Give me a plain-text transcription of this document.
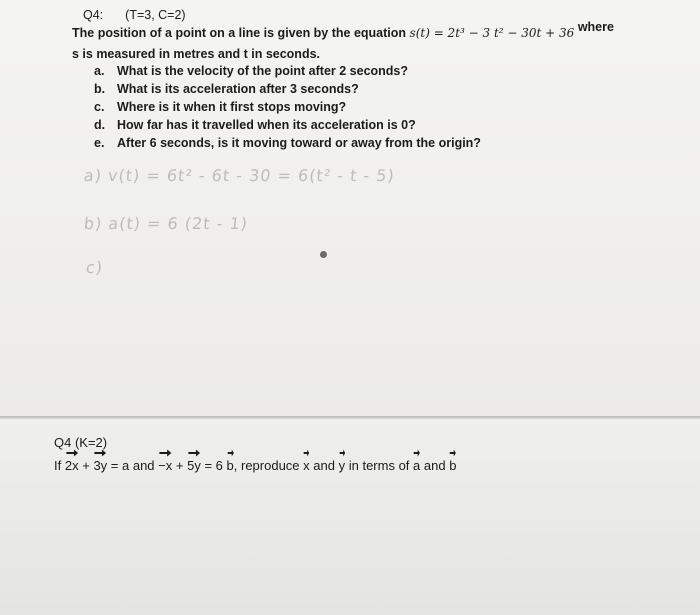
Q4: (T=3, C=2)
The position of a point on a line is given by the equation s(t) = 2t³ − 3 t² − 30t + 36 where
s is measured in metres and t in seconds.
a. What is the velocity of the point after 2 seconds?
b. What is its acceleration after 3 seconds?
c. Where is it when it first stops moving?
d. How far has it travelled when its acceleration is 0?
e. After 6 seconds, is it moving toward or away from the origin?
a) v(t) = 6t² - 6t - 30 = 6(t² - t - 5)
b) a(t) = 6 (2t - 1)
c)
Q4 (K=2)
If
2x
+
3y
= a and
−x
+
5y
= 6
b , reproduce
x
and
y
in terms of
a
and
b
